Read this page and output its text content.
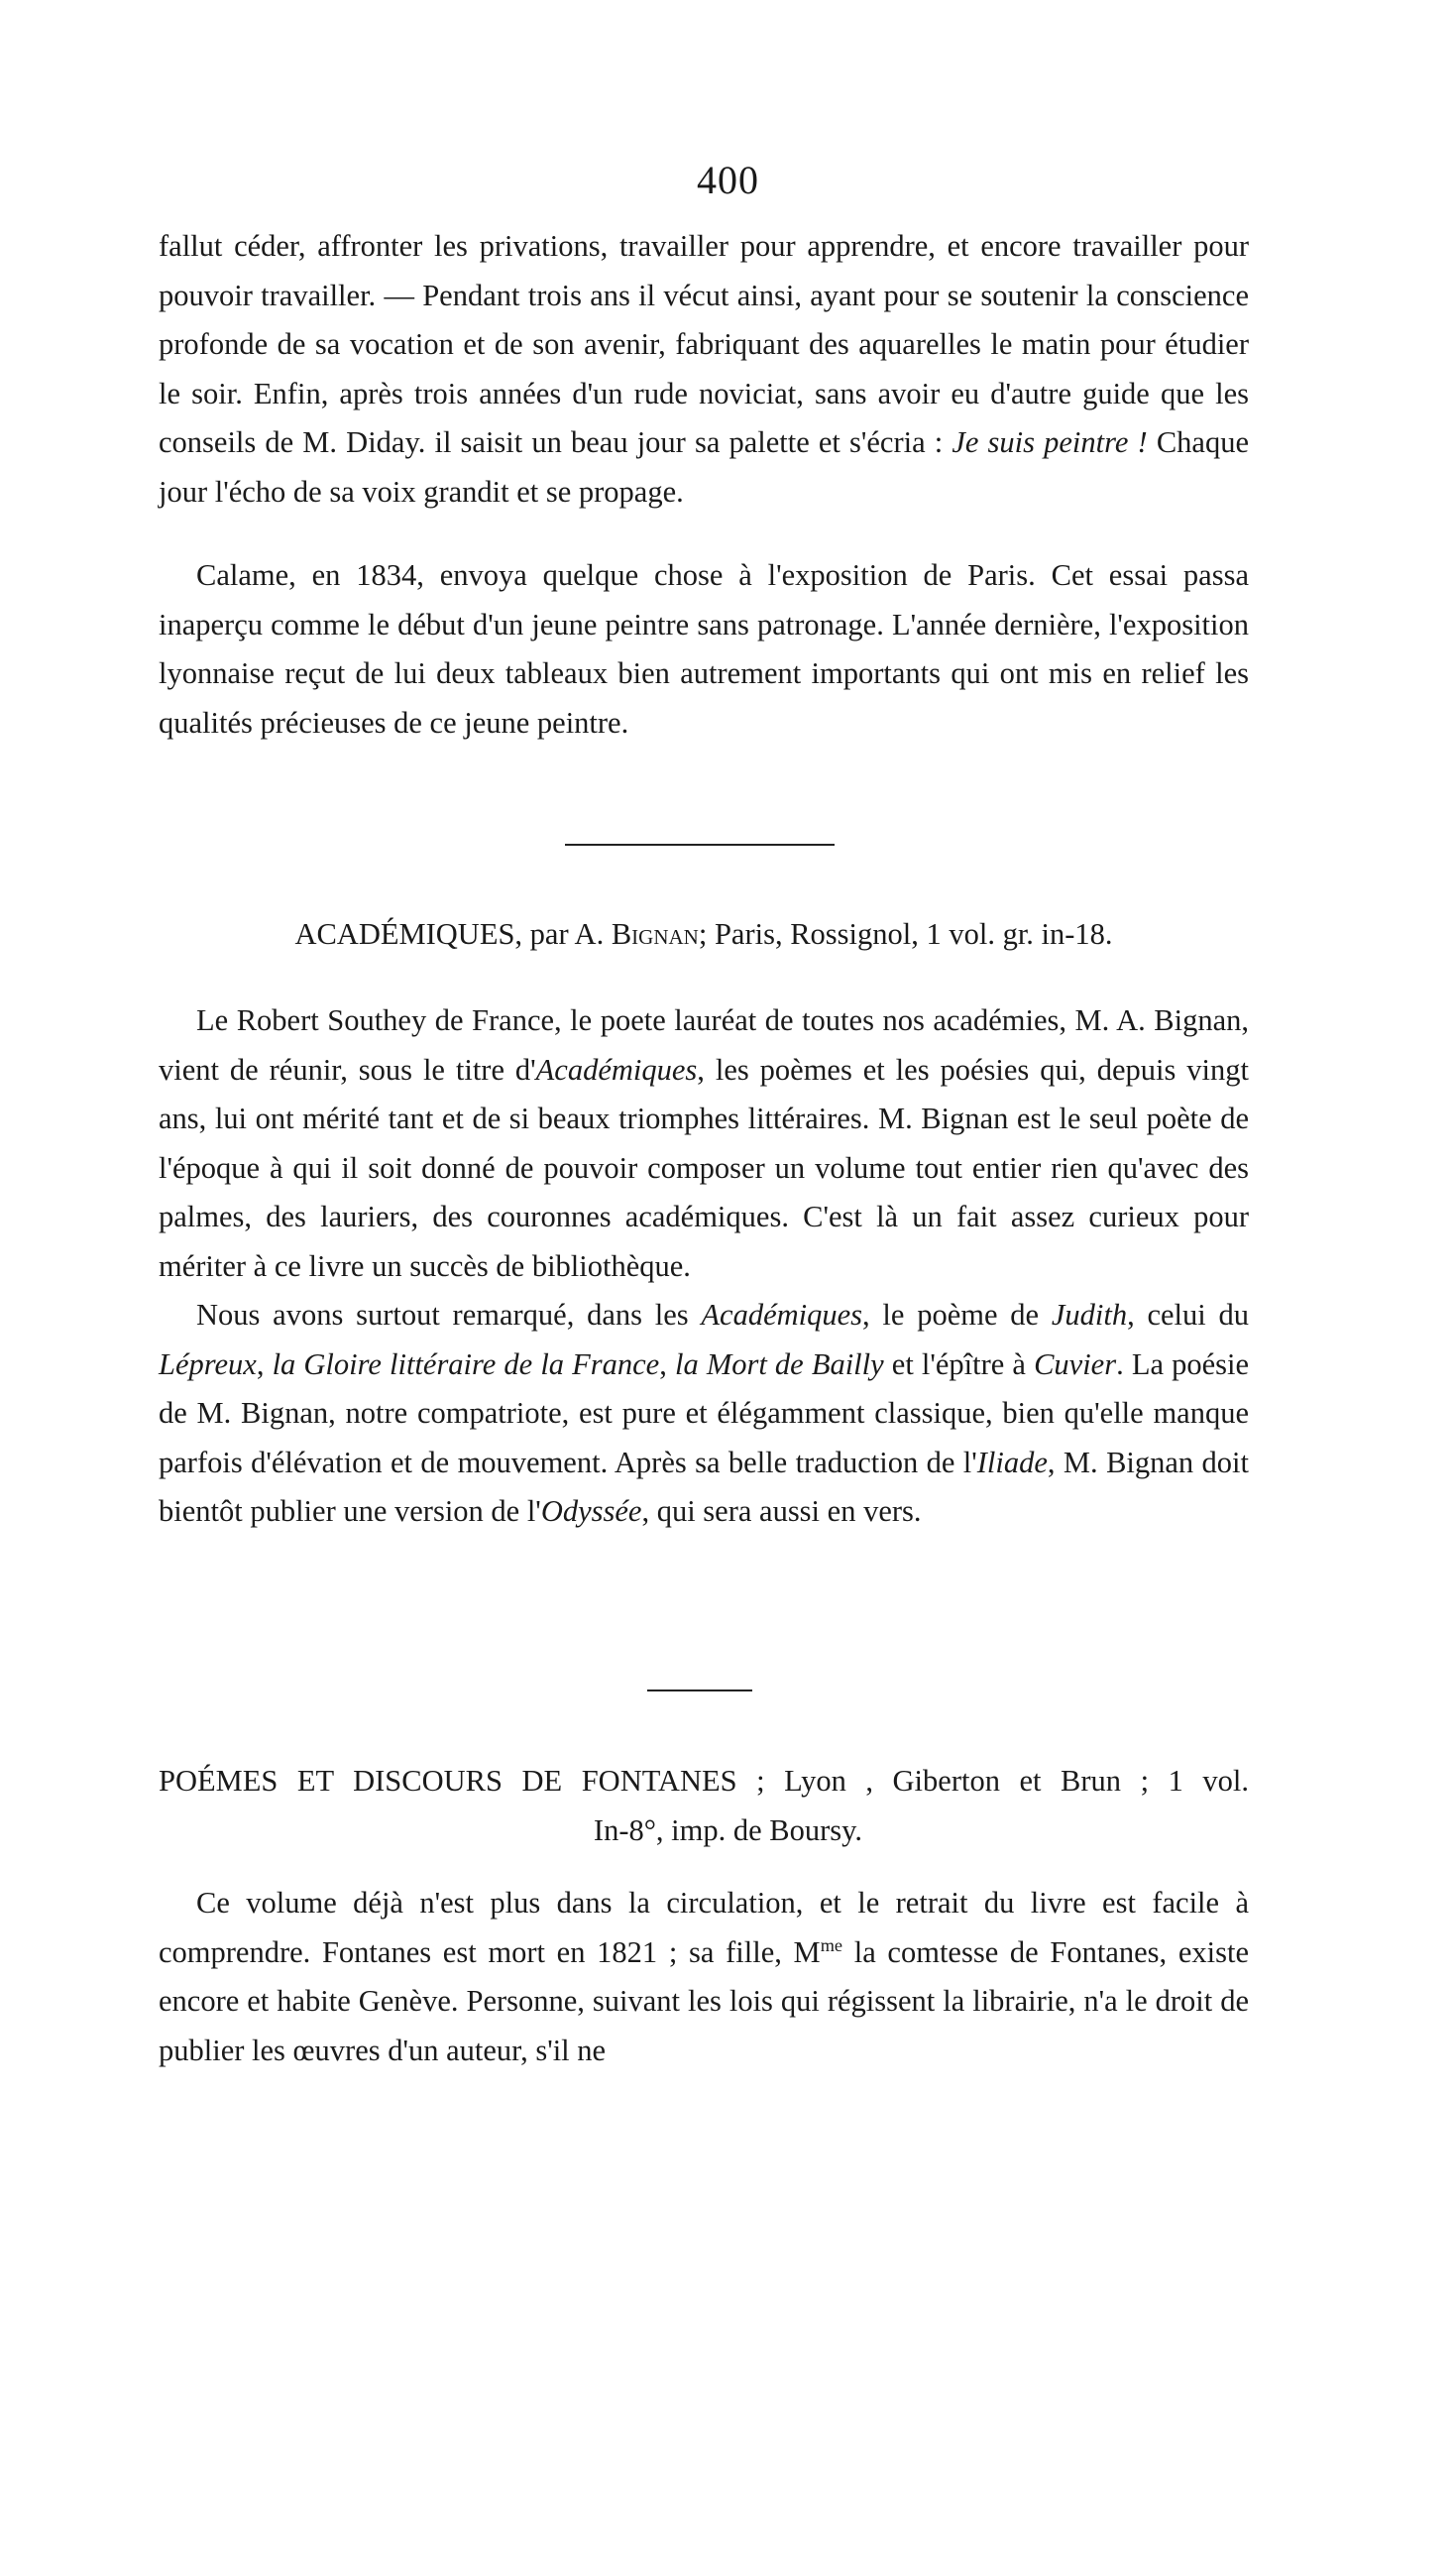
400

fallut céder, affronter les privations, travailler pour apprendre, et encore travailler pour pouvoir travailler. — Pendant trois ans il vécut ainsi, ayant pour se soutenir la conscience profonde de sa vocation et de son avenir, fabriquant des aquarelles le matin pour étudier le soir. Enfin, après trois années d'un rude noviciat, sans avoir eu d'autre guide que les conseils de M. Diday. il saisit un beau jour sa palette et s'écria : Je suis peintre ! Chaque jour l'écho de sa voix grandit et se propage.

Calame, en 1834, envoya quelque chose à l'exposition de Paris. Cet essai passa inaperçu comme le début d'un jeune peintre sans patronage. L'année dernière, l'exposition lyonnaise reçut de lui deux tableaux bien autrement importants qui ont mis en relief les qualités précieuses de ce jeune peintre.

ACADÉMIQUES, par A. Bignan; Paris, Rossignol, 1 vol. gr. in-18.

Le Robert Southey de France, le poete lauréat de toutes nos académies, M. A. Bignan, vient de réunir, sous le titre d'Académiques, les poèmes et les poésies qui, depuis vingt ans, lui ont mérité tant et de si beaux triomphes littéraires. M. Bignan est le seul poète de l'époque à qui il soit donné de pouvoir composer un volume tout entier rien qu'avec des palmes, des lauriers, des couronnes académiques. C'est là un fait assez curieux pour mériter à ce livre un succès de bibliothèque.

Nous avons surtout remarqué, dans les Académiques, le poème de Judith, celui du Lépreux, la Gloire littéraire de la France, la Mort de Bailly et l'épître à Cuvier. La poésie de M. Bignan, notre compatriote, est pure et élégamment classique, bien qu'elle manque parfois d'élévation et de mouvement. Après sa belle traduction de l'Iliade, M. Bignan doit bientôt publier une version de l'Odyssée, qui sera aussi en vers.

POÉMES ET DISCOURS DE FONTANES ; Lyon , Giberton et Brun ; 1 vol.
In-8°, imp. de Boursy.

Ce volume déjà n'est plus dans la circulation, et le retrait du livre est facile à comprendre. Fontanes est mort en 1821 ; sa fille, $M^{me}$ la comtesse de Fontanes, existe encore et habite Genève. Personne, suivant les lois qui régissent la librairie, n'a le droit de publier les œuvres d'un auteur, s'il ne
